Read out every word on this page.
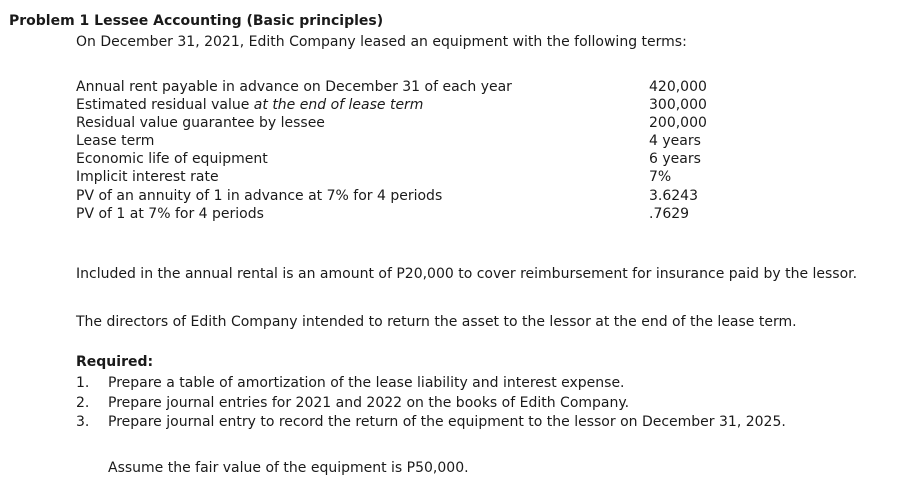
Problem 1 Lessee Accounting (Basic principles)
On December 31, 2021, Edith Company leased an equipment with the following terms:
Annual rent payable in advance on December 31 of each year	420,000
Estimated residual value at the end of lease term	300,000
Residual value guarantee by lessee	200,000
Lease term	4 years
Economic life of equipment	6 years
Implicit interest rate	7%
PV of an annuity of 1 in advance at 7% for 4 periods	3.6243
PV of 1 at 7% for 4 periods	.7629
Included in the annual rental is an amount of P20,000 to cover reimbursement for insurance paid by the lessor.
The directors of Edith Company intended to return the asset to the lessor at the end of the lease term.
Required:
1. Prepare a table of amortization of the lease liability and interest expense.
2. Prepare journal entries for 2021 and 2022 on the books of Edith Company.
3. Prepare journal entry to record the return of the equipment to the lessor on December 31, 2025.
Assume the fair value of the equipment is P50,000.
